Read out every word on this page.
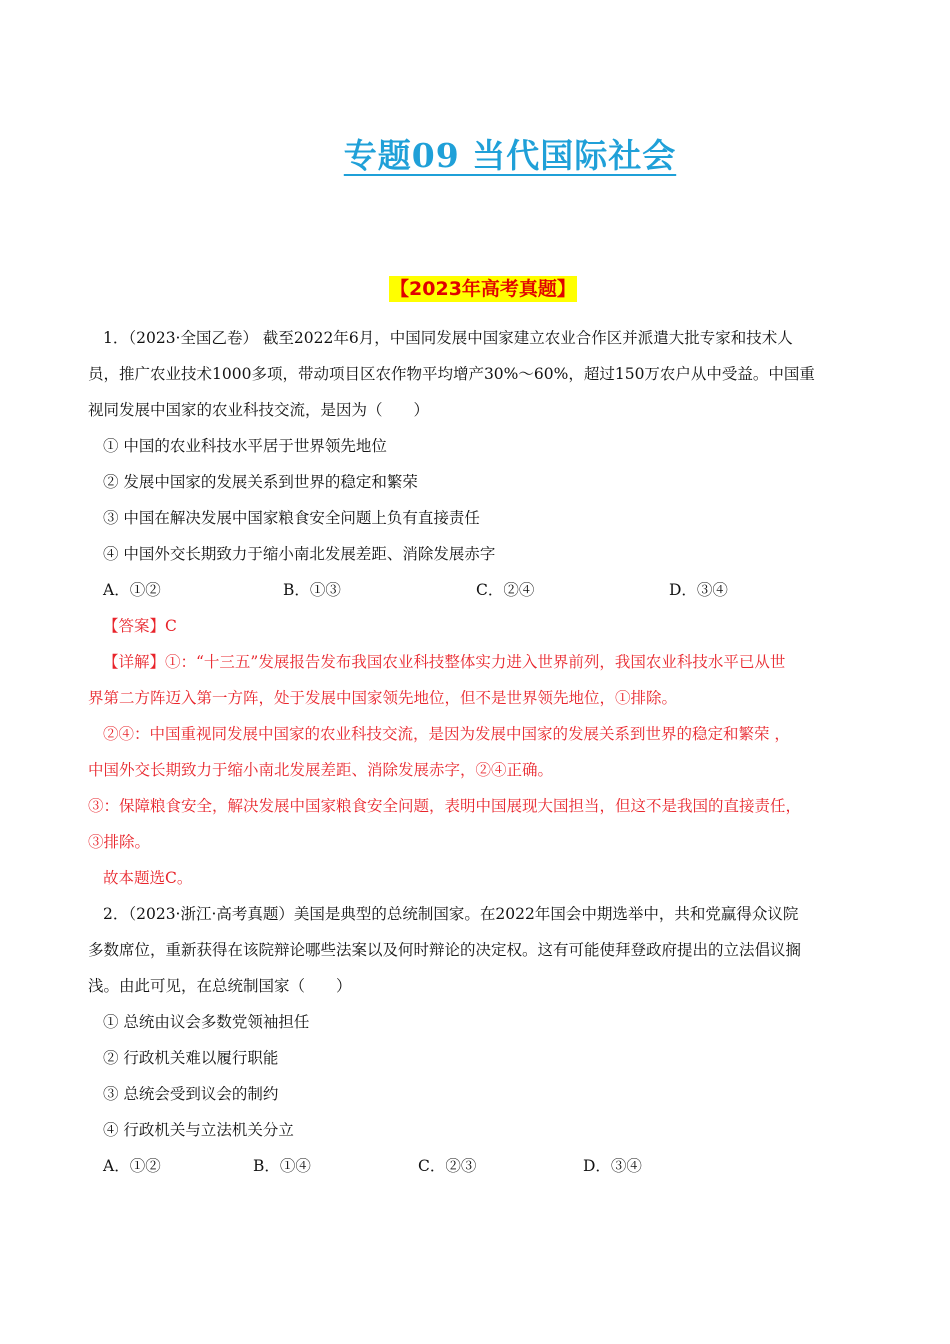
专题09 当代国际社会
【2023年高考真题】
1．（2023·全国乙卷） 截至2022年6月，中国同发展中国家建立农业合作区并派遣大批专家和技术人
员，推广农业技术1000多项，带动项目区农作物平均增产30%～60%，超过150万农户从中受益。中国重
视同发展中国家的农业科技交流，是因为（　　）
① 中国的农业科技水平居于世界领先地位
② 发展中国家的发展关系到世界的稳定和繁荣
③ 中国在解决发展中国家粮食安全问题上负有直接责任
④ 中国外交长期致力于缩小南北发展差距、消除发展赤字
A．①②	B．①③	C．②④	D．③④
【答案】C
【详解】①：“十三五”发展报告发布我国农业科技整体实力进入世界前列，我国农业科技水平已从世
界第二方阵迈入第一方阵，处于发展中国家领先地位，但不是世界领先地位，①排除。
②④：中国重视同发展中国家的农业科技交流，是因为发展中国家的发展关系到世界的稳定和繁荣 ，
中国外交长期致力于缩小南北发展差距、消除发展赤字，②④正确。
③：保障粮食安全，解决发展中国家粮食安全问题，表明中国展现大国担当，但这不是我国的直接责任，
③排除。
故本题选C。
2．（2023·浙江·高考真题）美国是典型的总统制国家。在2022年国会中期选举中，共和党赢得众议院
多数席位，重新获得在该院辩论哪些法案以及何时辩论的决定权。这有可能使拜登政府提出的立法倡议搁
浅。由此可见，在总统制国家（　　）
① 总统由议会多数党领袖担任
② 行政机关难以履行职能
③ 总统会受到议会的制约
④ 行政机关与立法机关分立
A．①②	B．①④	C．②③	D．③④
